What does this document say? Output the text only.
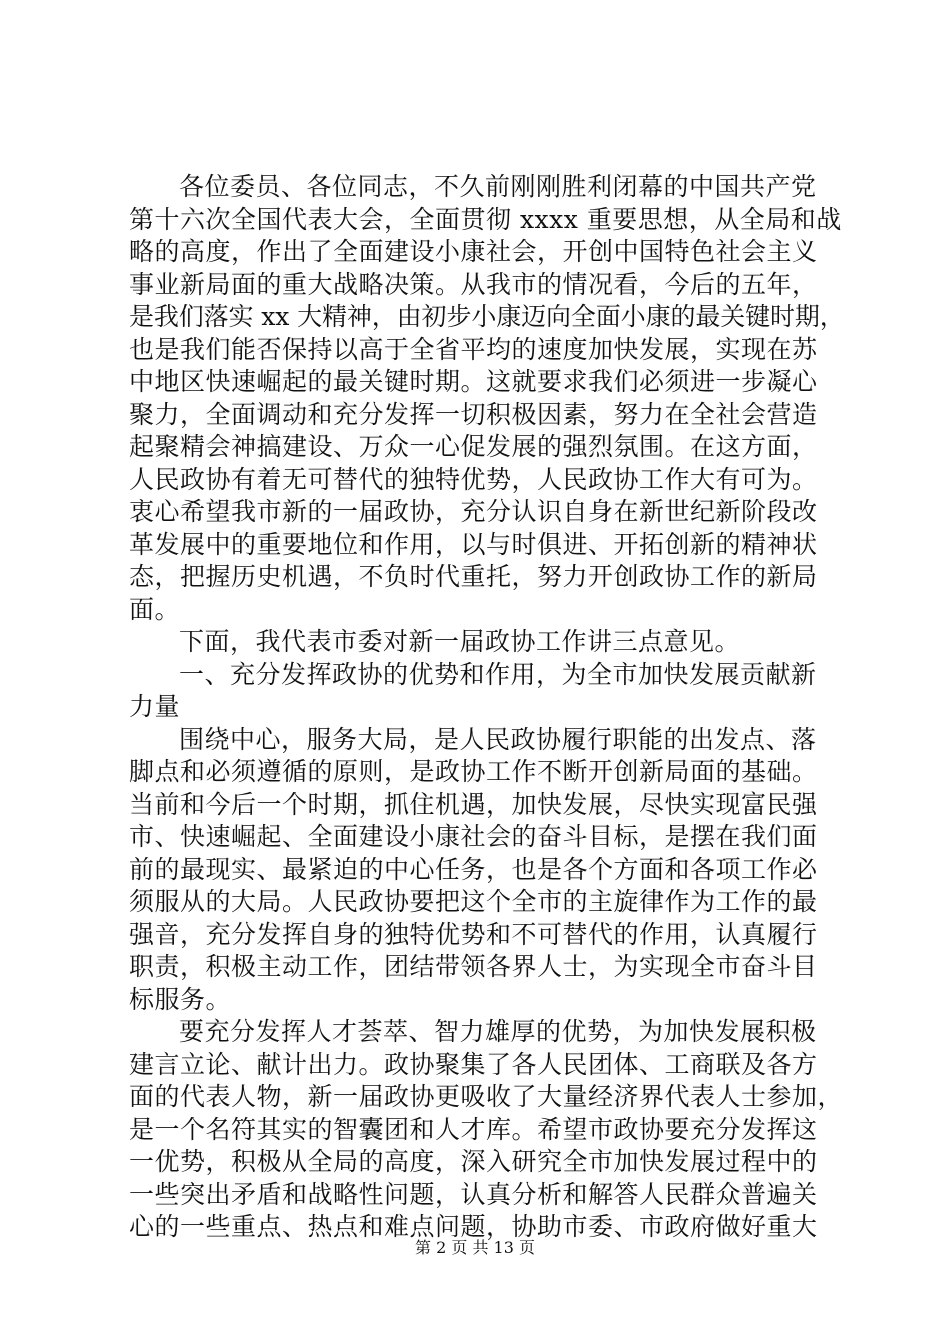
各位委员、各位同志，不久前刚刚胜利闭幕的中国共产党
第十六次全国代表大会，全面贯彻 xxxx 重要思想，从全局和战
略的高度，作出了全面建设小康社会，开创中国特色社会主义
事业新局面的重大战略决策。从我市的情况看，今后的五年，
是我们落实 xx 大精神，由初步小康迈向全面小康的最关键时期，
也是我们能否保持以高于全省平均的速度加快发展，实现在苏
中地区快速崛起的最关键时期。这就要求我们必须进一步凝心
聚力，全面调动和充分发挥一切积极因素，努力在全社会营造
起聚精会神搞建设、万众一心促发展的强烈氛围。在这方面，
人民政协有着无可替代的独特优势，人民政协工作大有可为。
衷心希望我市新的一届政协，充分认识自身在新世纪新阶段改
革发展中的重要地位和作用，以与时俱进、开拓创新的精神状
态，把握历史机遇，不负时代重托，努力开创政协工作的新局
面。
下面，我代表市委对新一届政协工作讲三点意见。
一、充分发挥政协的优势和作用，为全市加快发展贡献新
力量
围绕中心，服务大局，是人民政协履行职能的出发点、落
脚点和必须遵循的原则，是政协工作不断开创新局面的基础。
当前和今后一个时期，抓住机遇，加快发展，尽快实现富民强
市、快速崛起、全面建设小康社会的奋斗目标，是摆在我们面
前的最现实、最紧迫的中心任务，也是各个方面和各项工作必
须服从的大局。人民政协要把这个全市的主旋律作为工作的最
强音，充分发挥自身的独特优势和不可替代的作用，认真履行
职责，积极主动工作，团结带领各界人士，为实现全市奋斗目
标服务。
要充分发挥人才荟萃、智力雄厚的优势，为加快发展积极
建言立论、献计出力。政协聚集了各人民团体、工商联及各方
面的代表人物，新一届政协更吸收了大量经济界代表人士参加，
是一个名符其实的智囊团和人才库。希望市政协要充分发挥这
一优势，积极从全局的高度，深入研究全市加快发展过程中的
一些突出矛盾和战略性问题，认真分析和解答人民群众普遍关
心的一些重点、热点和难点问题，协助市委、市政府做好重大
第 2 页 共 13 页
